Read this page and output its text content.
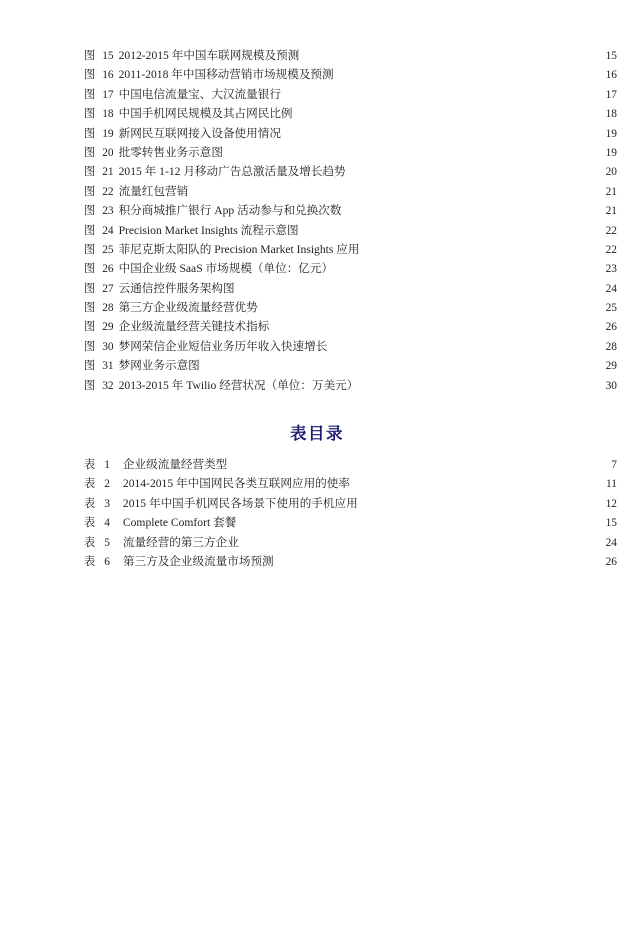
图 15 2012-2015 年中国车联网规模及预测 .....	15
图 16 2011-2018 年中国移动营销市场规模及预测 .....	16
图 17 中国电信流量宝、大汉流量银行 .....	17
图 18 中国手机网民规模及其占网民比例 .....	18
图 19 新网民互联网接入设备使用情况 .....	19
图 20 批零转售业务示意图 .....	19
图 21 2015 年 1-12 月移动广告总激活量及增长趋势 .....	20
图 22 流量红包营销 .....	21
图 23 积分商城推广银行 App 活动参与和兑换次数 .....	21
图 24 Precision Market Insights 流程示意图 .....	22
图 25 菲尼克斯太阳队的 Precision Market Insights 应用 .....	22
图 26 中国企业级 SaaS 市场规模（单位：亿元） .....	23
图 27 云通信控件服务架构图 .....	24
图 28 第三方企业级流量经营优势 .....	25
图 29 企业级流量经营关键技术指标 .....	26
图 30 梦网荣信企业短信业务历年收入快速增长 .....	28
图 31 梦网业务示意图 .....	29
图 32 2013-2015 年 Twilio 经营状况（单位：万美元） .....	30
表目录
表 1 企业级流量经营类型 .....	7
表 2 2014-2015 年中国网民各类互联网应用的使率 .....	11
表 3 2015 年中国手机网民各场景下使用的手机应用 .....	12
表 4 Complete Comfort 套餐 .....	15
表 5 流量经营的第三方企业 .....	24
表 6 第三方及企业级流量市场预测 .....	26
